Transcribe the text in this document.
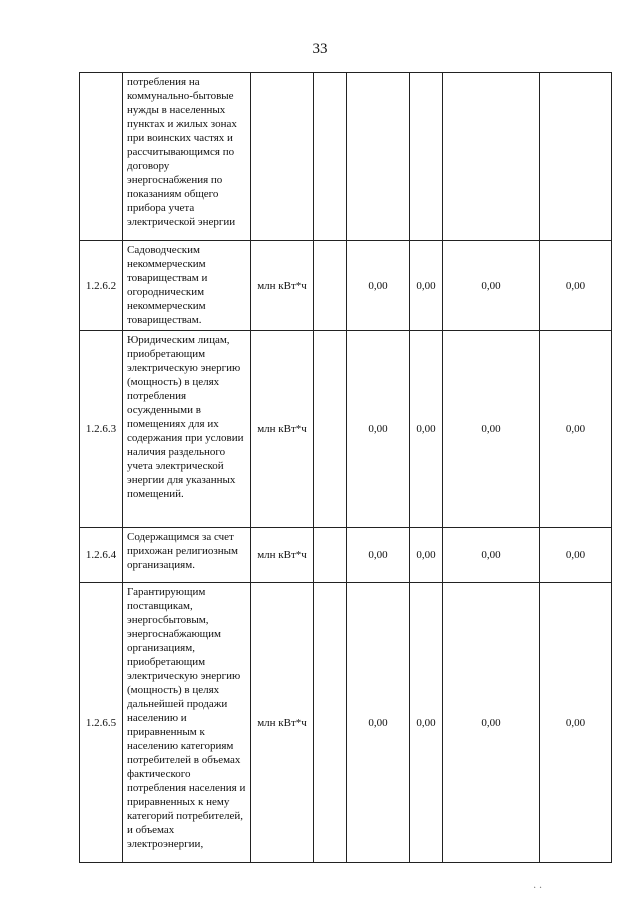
33
	потребления на коммунально-бытовые нужды в населенных пунктах и жилых зонах при воинских частях и рассчитывающимся по договору энергоснабжения по показаниям общего прибора учета электрической энергии						
1.2.6.2	Садоводческим некоммерческим товариществам и огородническим некоммерческим товариществам.	млн кВт*ч		0,00	0,00	0,00	0,00
1.2.6.3	Юридическим лицам, приобретающим электрическую энергию (мощность) в целях потребления осужденными в помещениях для их содержания при условии наличия раздельного учета электрической энергии для указанных помещений.	млн кВт*ч		0,00	0,00	0,00	0,00
1.2.6.4	Содержащимся за счет прихожан религиозным организациям.	млн кВт*ч		0,00	0,00	0,00	0,00
1.2.6.5	Гарантирующим поставщикам, энергосбытовым, энергоснабжающим организациям, приобретающим электрическую энергию (мощность) в целях дальнейшей продажи населению и приравненным к населению категориям потребителей в объемах фактического потребления населения и приравненных к нему категорий потребителей, и объемах электроэнергии,	млн кВт*ч		0,00	0,00	0,00	0,00
․ ․
